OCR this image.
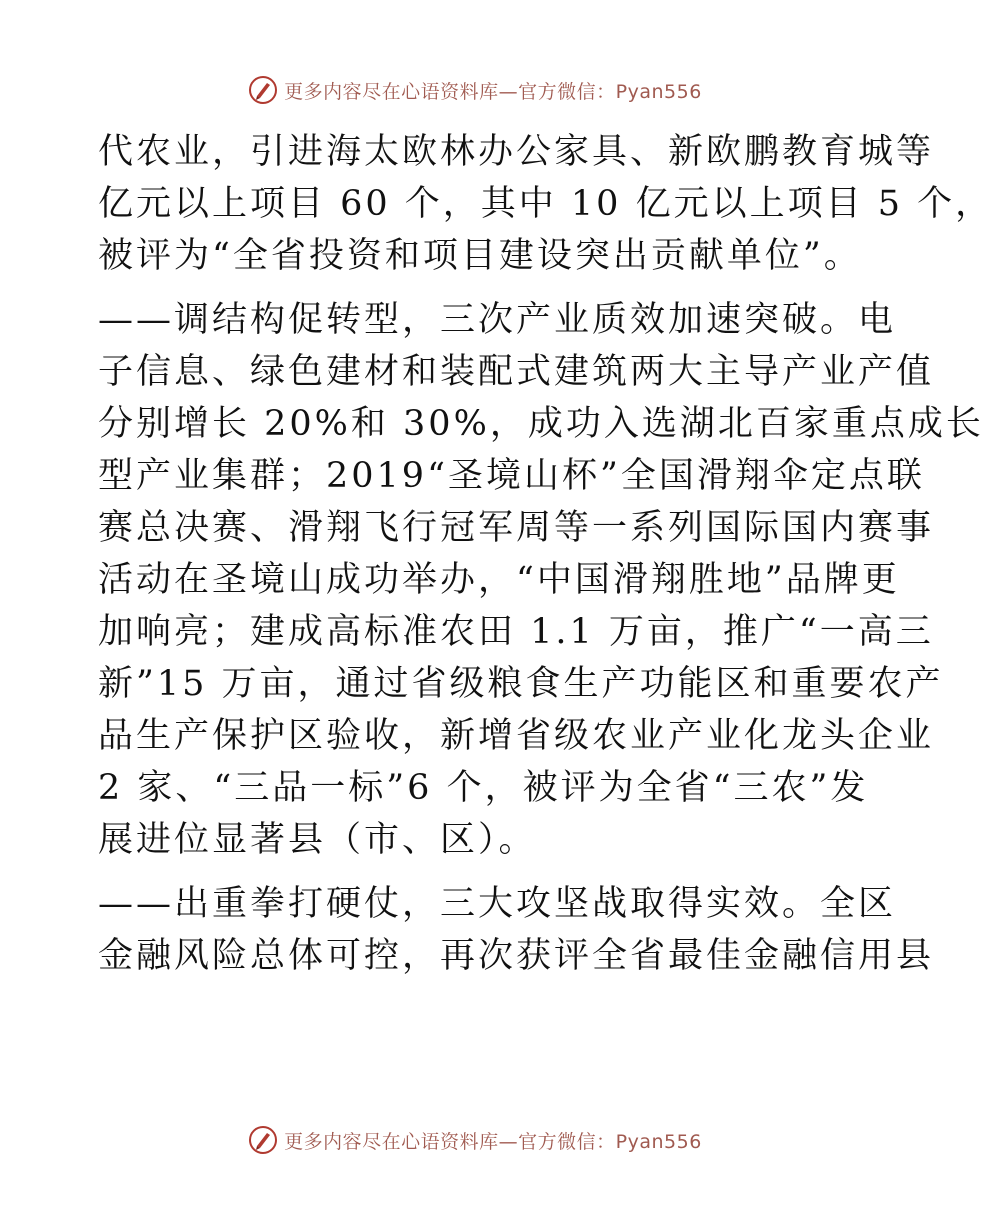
更多内容尽在心语资料库—官方微信：Pyan556
代农业，引进海太欧林办公家具、新欧鹏教育城等
亿元以上项目 60 个，其中 10 亿元以上项目 5 个，
被评为“全省投资和项目建设突出贡献单位”。
——调结构促转型，三次产业质效加速突破。电
子信息、绿色建材和装配式建筑两大主导产业产值
分别增长 20%和 30%，成功入选湖北百家重点成长
型产业集群；2019“圣境山杯”全国滑翔伞定点联
赛总决赛、滑翔飞行冠军周等一系列国际国内赛事
活动在圣境山成功举办，“中国滑翔胜地”品牌更
加响亮；建成高标准农田 1.1 万亩，推广“一高三
新”15 万亩，通过省级粮食生产功能区和重要农产
品生产保护区验收，新增省级农业产业化龙头企业
2 家、“三品一标”6 个，被评为全省“三农”发
展进位显著县（市、区）。
——出重拳打硬仗，三大攻坚战取得实效。全区
金融风险总体可控，再次获评全省最佳金融信用县
更多内容尽在心语资料库—官方微信：Pyan556
